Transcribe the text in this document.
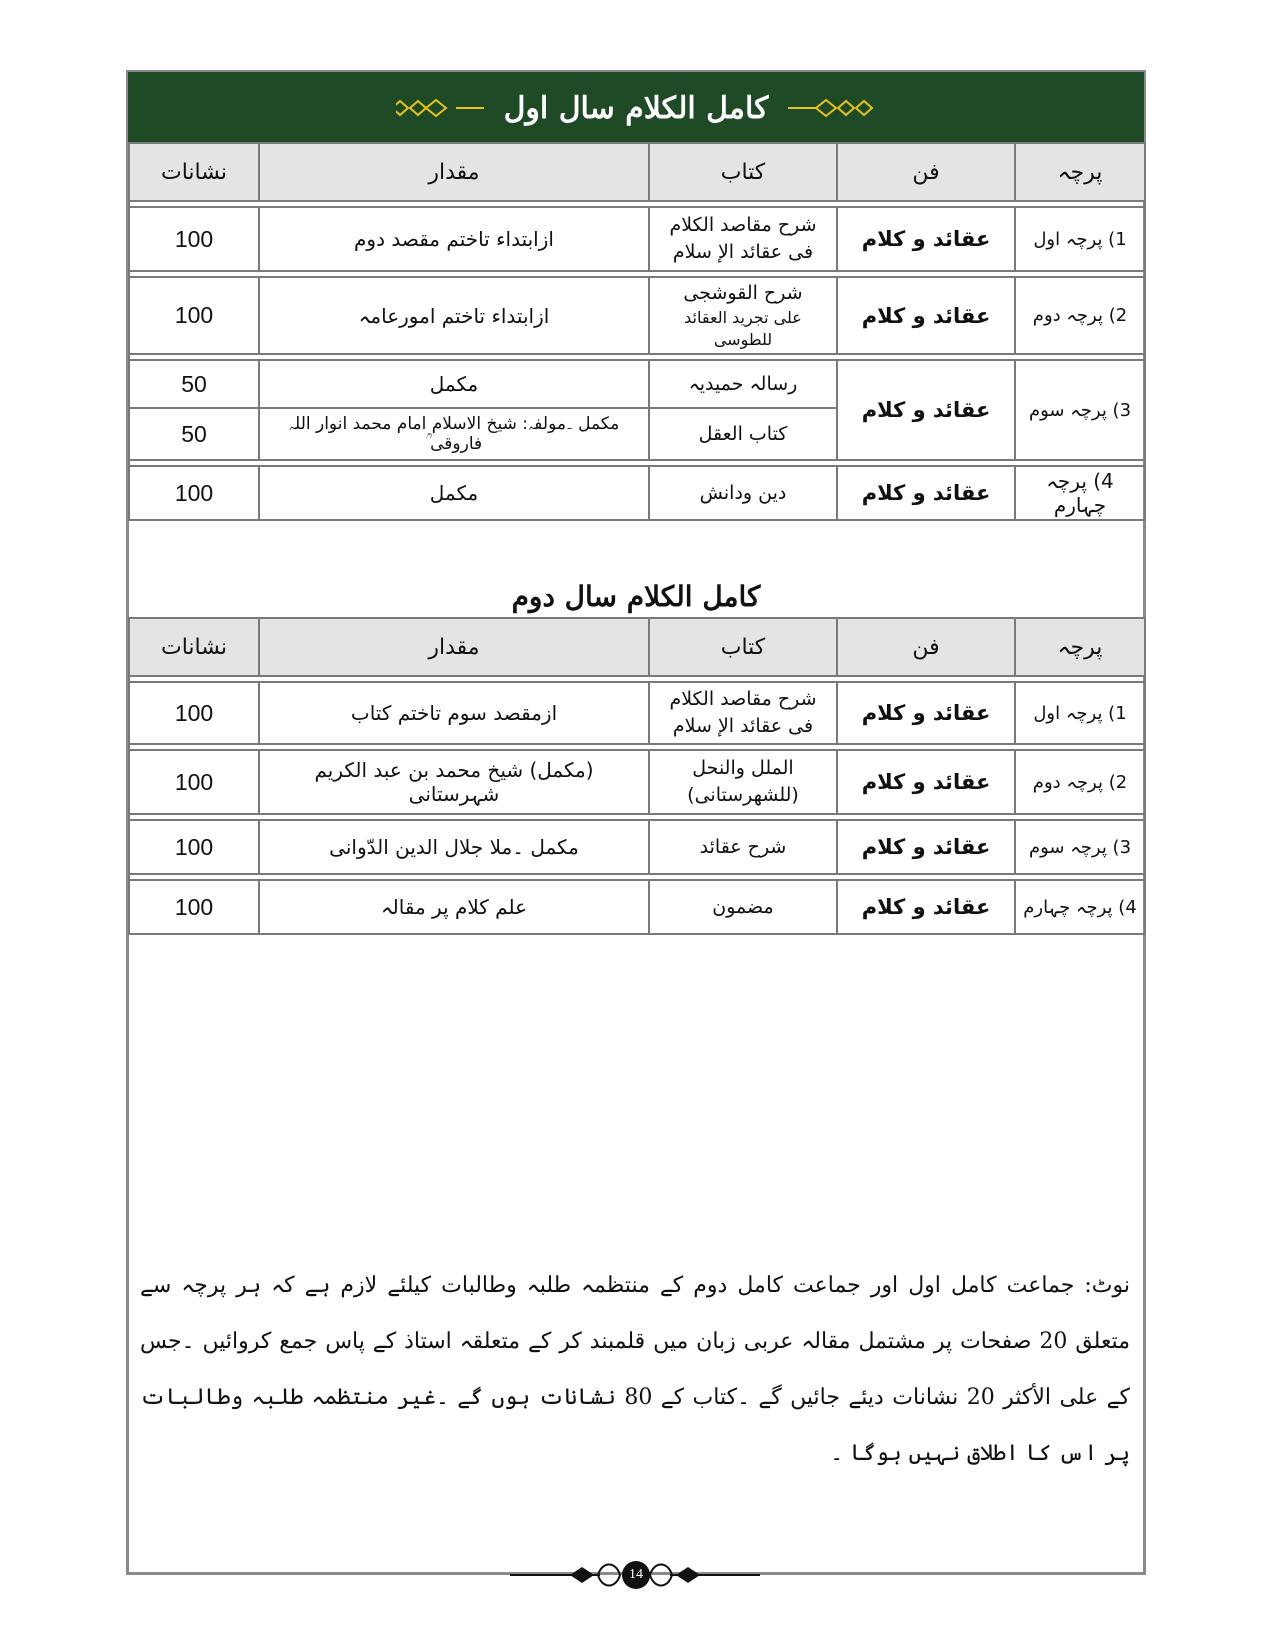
کامل الکلام سال اول
پرچہ	فن	کتاب	مقدار	نشانات

1) پرچہ اول	عقائد و کلام	شرح مقاصد الکلام
فی عقائد الإ سلام	ازابتداء تاختم مقصد دوم	100

2) پرچہ دوم	عقائد و کلام	شرح القوشجی
علی تجرید العقائد للطوسی	ازابتداء تاختم امورعامہ	100

3) پرچہ سوم	عقائد و کلام	رسالہ حمیدیہ	مکمل	50
		کتاب العقل	مکمل ۔مولفہ: شیخ الاسلام امام محمد انوار اللہ فاروقی ؒ	50

4) پرچہ چہارم	عقائد و کلام	دین ودانش	مکمل	100
کامل الکلام سال دوم
پرچہ	فن	کتاب	مقدار	نشانات

1) پرچہ اول	عقائد و کلام	شرح مقاصد الکلام
فی عقائد الإ سلام	ازمقصد سوم تاختم کتاب	100

2) پرچہ دوم	عقائد و کلام	الملل والنحل
(للشهرستانی)	(مکمل) شیخ محمد بن عبد الکریم شہرستانی	100

3) پرچہ سوم	عقائد و کلام	شرح عقائد	مکمل ۔ملا جلال الدین الدّوانی	100

4) پرچہ چہارم	عقائد و کلام	مضمون	علم کلام پر مقالہ	100
نوٹ: جماعت کامل اول اور جماعت کامل دوم کے منتظمہ طلبہ وطالبات کیلئے لازم ہے کہ ہر پرچہ سے متعلق 20 صفحات پر مشتمل مقالہ عربی زبان میں قلمبند کر کے متعلقہ استاذ کے پاس جمع کروائیں ۔جس کے علی الأکثر 20 نشانات دیئے جائیں گے ۔کتاب کے 80 نشانات ہوں گے ۔غیر منتظمہ طلبہ وطالبات پر اس کا اطلاق نہیں ہوگا ۔
14
